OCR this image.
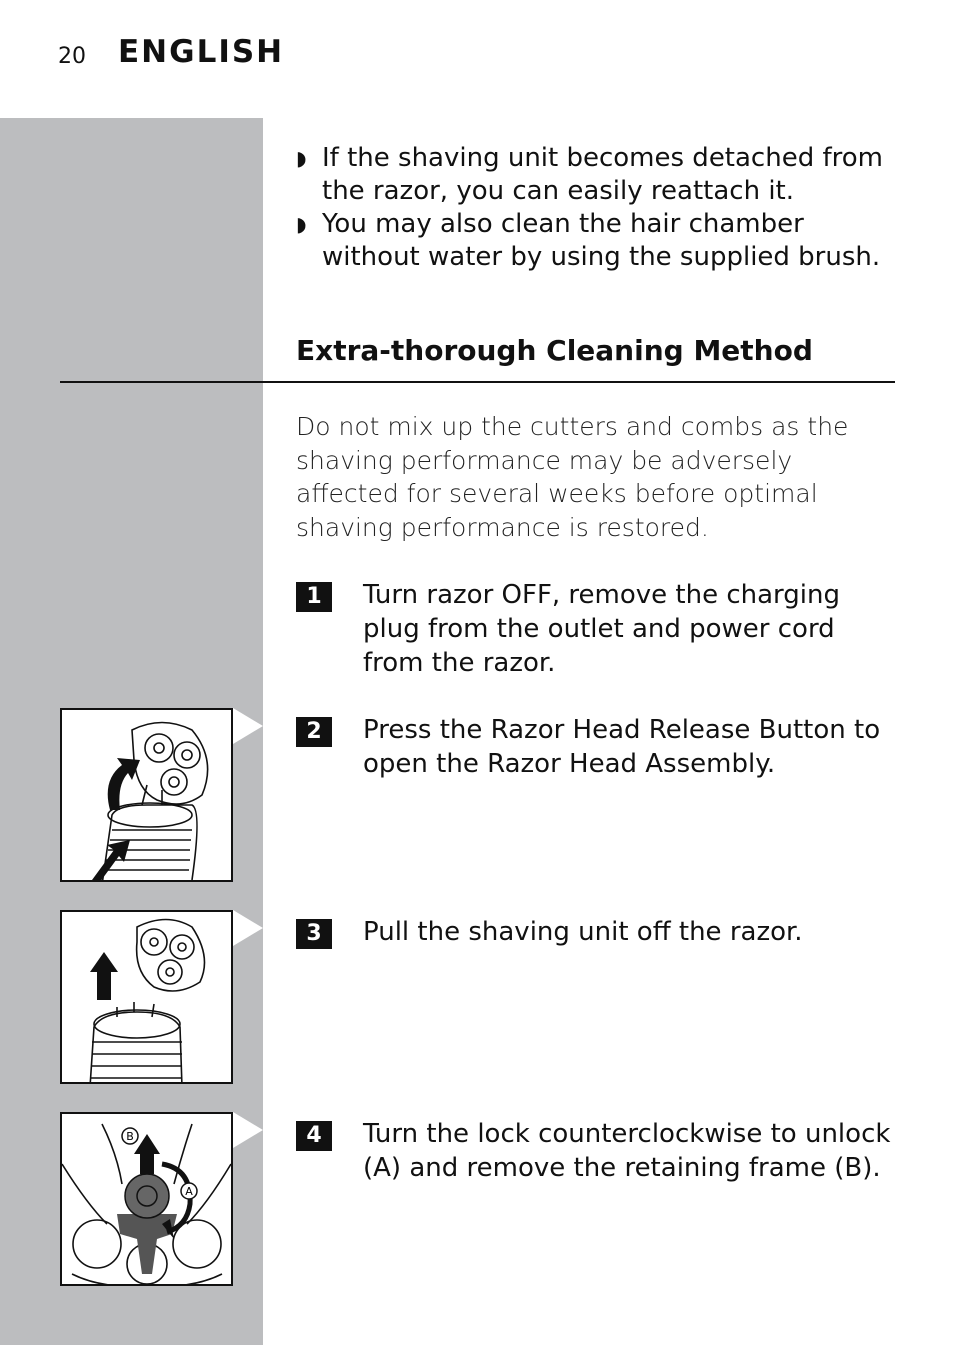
20 ENGLISH
◗ If the shaving unit becomes detached from the razor, you can easily reattach it.
◗ You may also clean the hair chamber without water by using the supplied brush.
Extra-thorough Cleaning Method
Do not mix up the cutters and combs as the shaving performance may be adversely affected for several weeks before optimal shaving performance is restored.
1	Turn razor OFF, remove the charging plug from the outlet and power cord from the razor.
2	Press the Razor Head Release Button to open the Razor Head Assembly.
3	Pull the shaving unit off the razor.
4	Turn the lock counterclockwise to unlock (A) and remove the retaining frame (B).
B
A
